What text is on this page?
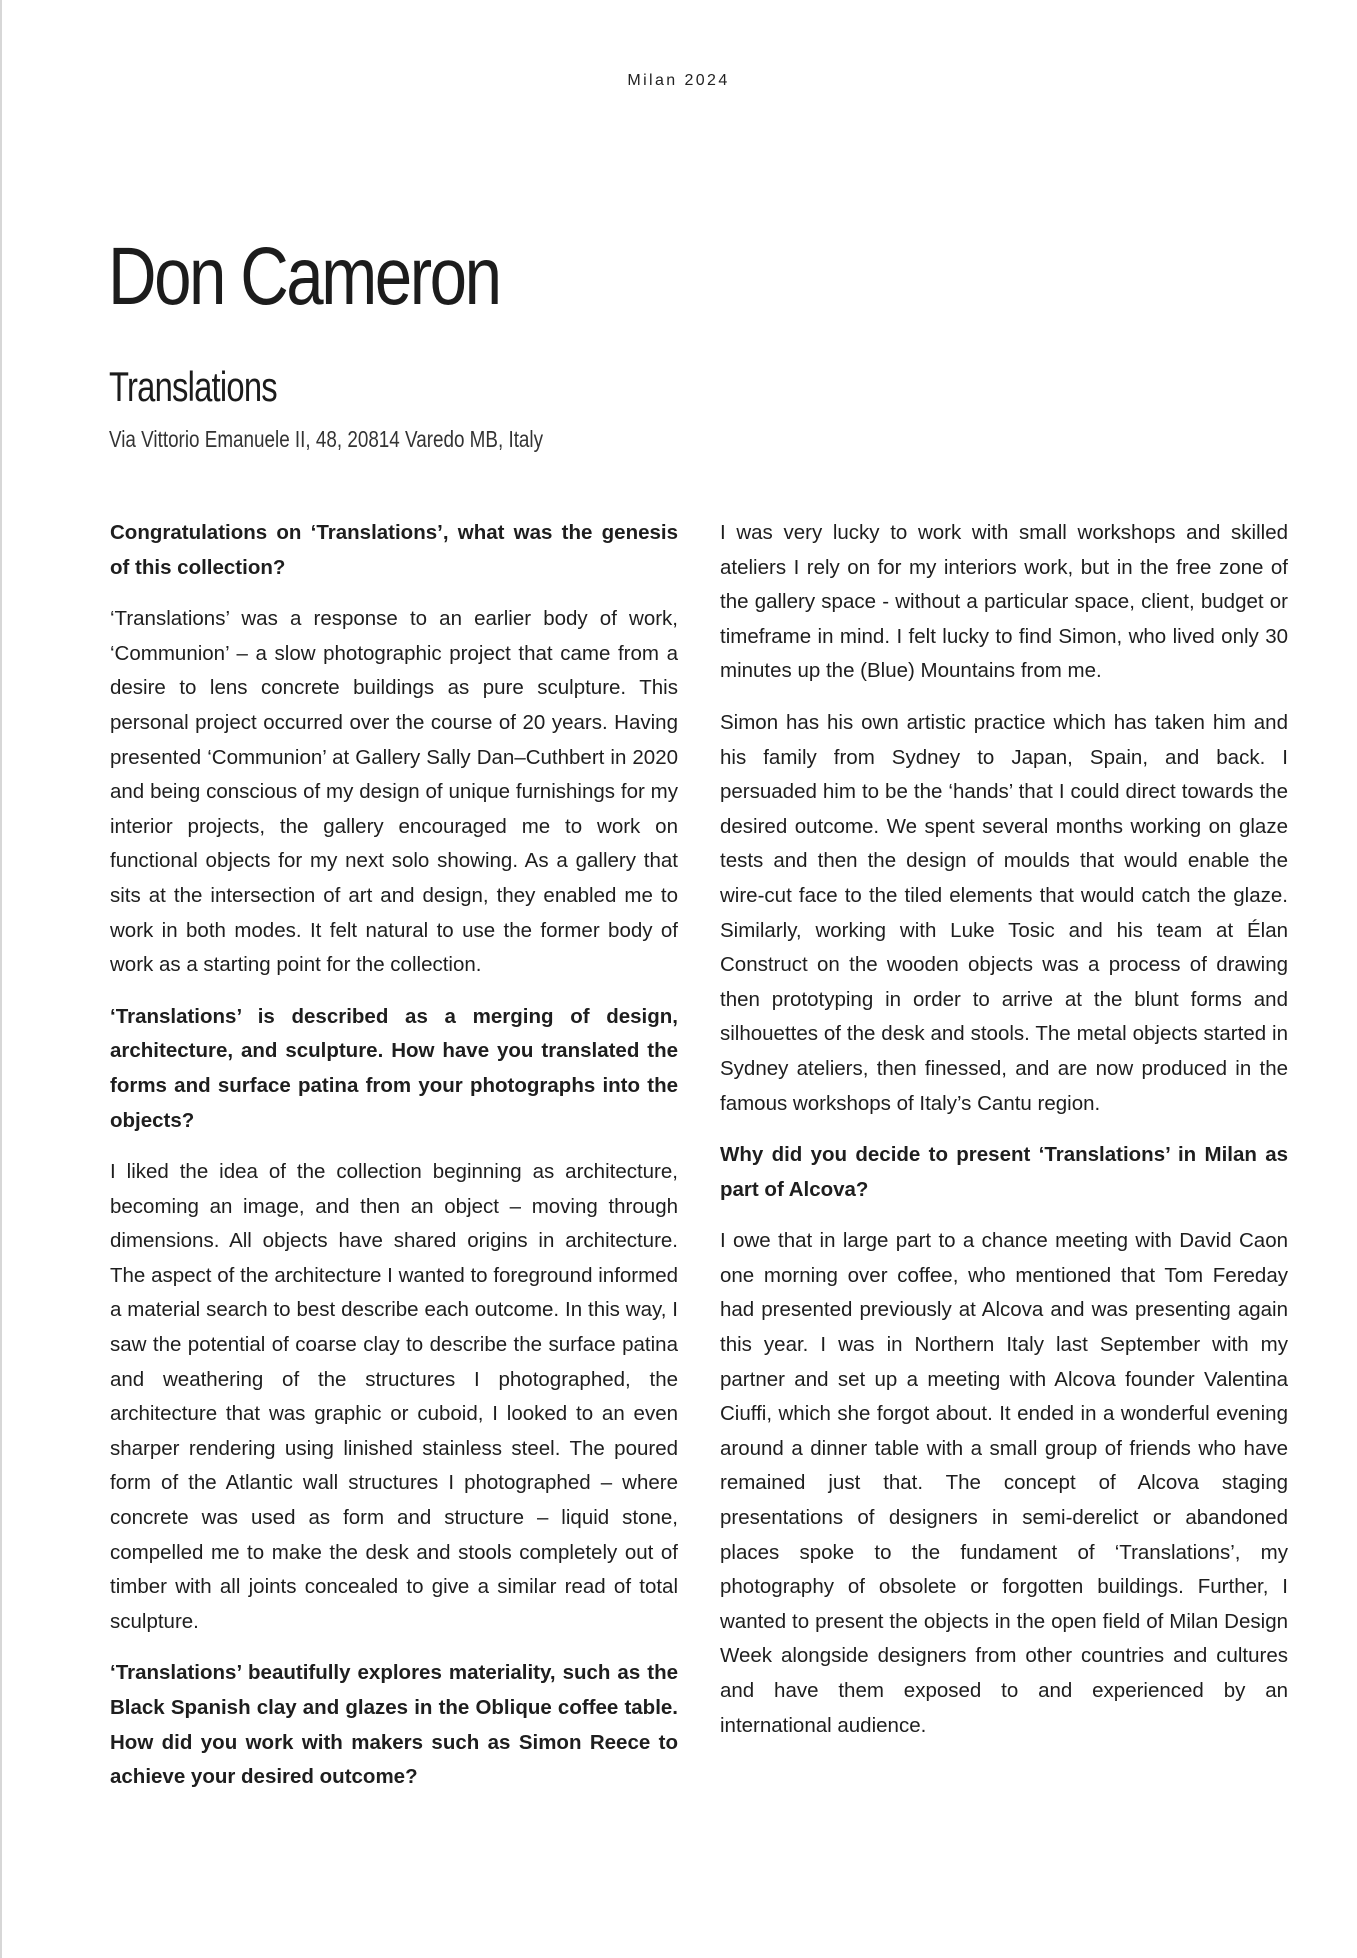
Milan 2024
Don Cameron
Translations
Via Vittorio Emanuele II, 48, 20814 Varedo MB, Italy

Congratulations on ‘Translations’, what was the genesis of this collection?

‘Translations’ was a response to an earlier body of work, ‘Communion’ – a slow photographic project that came from a desire to lens concrete buildings as pure sculpture. This personal project occurred over the course of 20 years. Having presented ‘Communion’ at Gallery Sally Dan–Cuthbert in 2020 and being conscious of my design of unique furnishings for my interior projects, the gallery encouraged me to work on functional objects for my next solo showing. As a gallery that sits at the intersection of art and design, they enabled me to work in both modes. It felt natural to use the former body of work as a starting point for the collection.

‘Translations’ is described as a merging of design, architecture, and sculpture. How have you translated the forms and surface patina from your photographs into the objects?

I liked the idea of the collection beginning as architecture, becoming an image, and then an object – moving through dimensions. All objects have shared origins in architecture. The aspect of the architecture I wanted to foreground informed a material search to best describe each outcome. In this way, I saw the potential of coarse clay to describe the surface patina and weathering of the structures I photographed, the architecture that was graphic or cuboid, I looked to an even sharper rendering using linished stainless steel. The poured form of the Atlantic wall structures I photographed – where concrete was used as form and structure – liquid stone, compelled me to make the desk and stools completely out of timber with all joints concealed to give a similar read of total sculpture.

‘Translations’ beautifully explores materiality, such as the Black Spanish clay and glazes in the Oblique coffee table. How did you work with makers such as Simon Reece to achieve your desired outcome?

I was very lucky to work with small workshops and skilled ateliers I rely on for my interiors work, but in the free zone of the gallery space - without a particular space, client, budget or timeframe in mind. I felt lucky to find Simon, who lived only 30 minutes up the (Blue) Mountains from me.

Simon has his own artistic practice which has taken him and his family from Sydney to Japan, Spain, and back. I persuaded him to be the ‘hands’ that I could direct towards the desired outcome. We spent several months working on glaze tests and then the design of moulds that would enable the wire-cut face to the tiled elements that would catch the glaze. Similarly, working with Luke Tosic and his team at Élan Construct on the wooden objects was a process of drawing then prototyping in order to arrive at the blunt forms and silhouettes of the desk and stools. The metal objects started in Sydney ateliers, then finessed, and are now produced in the famous workshops of Italy’s Cantu region.

Why did you decide to present ‘Translations’ in Milan as part of Alcova?

I owe that in large part to a chance meeting with David Caon one morning over coffee, who mentioned that Tom Fereday had presented previously at Alcova and was presenting again this year. I was in Northern Italy last September with my partner and set up a meeting with Alcova founder Valentina Ciuffi, which she forgot about. It ended in a wonderful evening around a dinner table with a small group of friends who have remained just that. The concept of Alcova staging presentations of designers in semi-derelict or abandoned places spoke to the fundament of ‘Translations’, my photography of obsolete or forgotten buildings. Further, I wanted to present the objects in the open field of Milan Design Week alongside designers from other countries and cultures and have them exposed to and experienced by an international audience.
